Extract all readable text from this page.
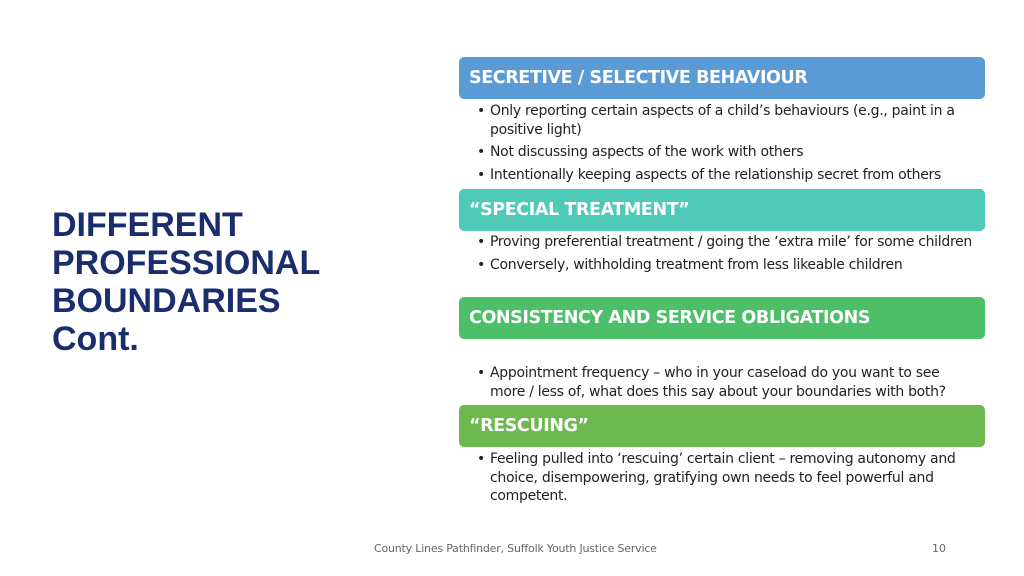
DIFFERENT
PROFESSIONAL
BOUNDARIES
Cont.
SECRETIVE / SELECTIVE BEHAVIOUR
• Only reporting certain aspects of a child’s behaviours (e.g., paint in a positive light)
• Not discussing aspects of the work with others
• Intentionally keeping aspects of the relationship secret from others
“SPECIAL TREATMENT”
• Proving preferential treatment / going the ‘extra mile’ for some children
• Conversely, withholding treatment from less likeable children
CONSISTENCY AND SERVICE OBLIGATIONS
• Appointment frequency – who in your caseload do you want to see more / less of, what does this say about your boundaries with both?
“RESCUING”
• Feeling pulled into ‘rescuing’ certain client – removing autonomy and choice, disempowering, gratifying own needs to feel powerful and competent.
County Lines Pathfinder, Suffolk Youth Justice Service	10
